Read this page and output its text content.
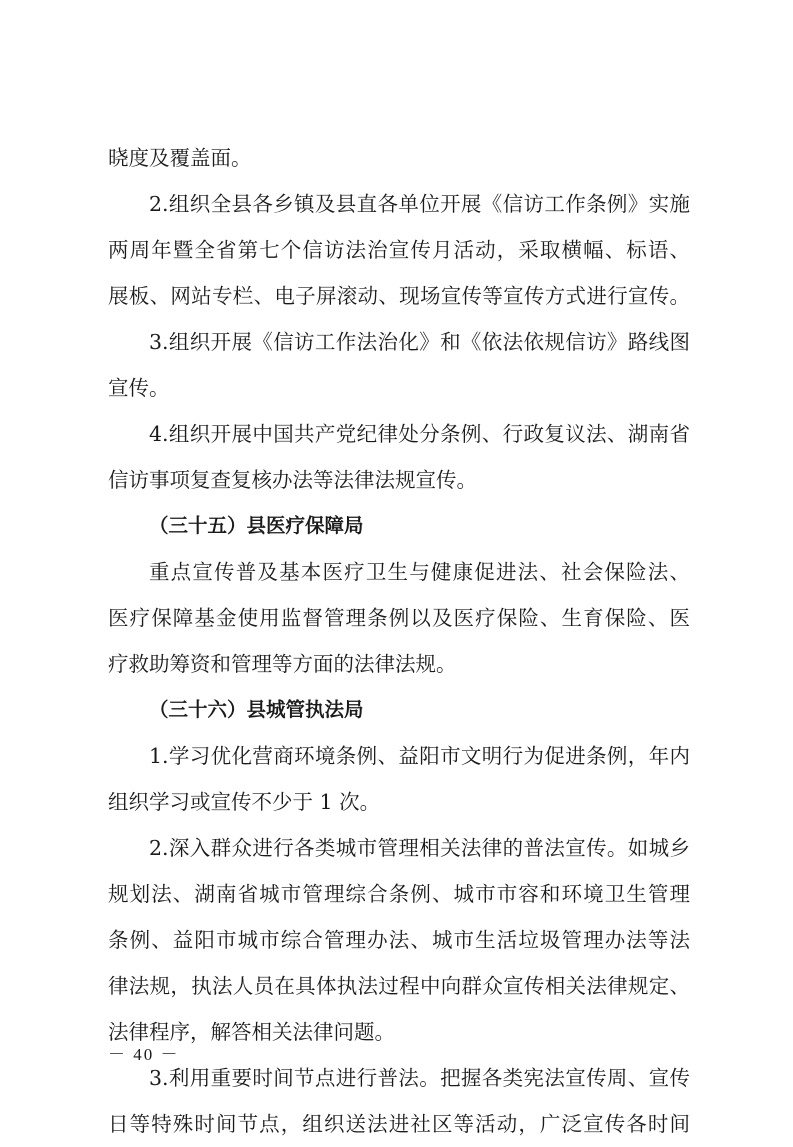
晓度及覆盖面。
2.组织全县各乡镇及县直各单位开展《信访工作条例》实施
两周年暨全省第七个信访法治宣传月活动，采取横幅、标语、
展板、网站专栏、电子屏滚动、现场宣传等宣传方式进行宣传。
3.组织开展《信访工作法治化》和《依法依规信访》路线图
宣传。
4.组织开展中国共产党纪律处分条例、行政复议法、湖南省
信访事项复查复核办法等法律法规宣传。
（三十五）县医疗保障局
重点宣传普及基本医疗卫生与健康促进法、社会保险法、
医疗保障基金使用监督管理条例以及医疗保险、生育保险、医
疗救助筹资和管理等方面的法律法规。
（三十六）县城管执法局
1.学习优化营商环境条例、益阳市文明行为促进条例，年内
组织学习或宣传不少于 1 次。
2.深入群众进行各类城市管理相关法律的普法宣传。如城乡
规划法、湖南省城市管理综合条例、城市市容和环境卫生管理
条例、益阳市城市综合管理办法、城市生活垃圾管理办法等法
律法规，执法人员在具体执法过程中向群众宣传相关法律规定、
法律程序，解答相关法律问题。
3.利用重要时间节点进行普法。把握各类宪法宣传周、宣传
日等特殊时间节点，组织送法进社区等活动，广泛宣传各时间
－ 40 －
